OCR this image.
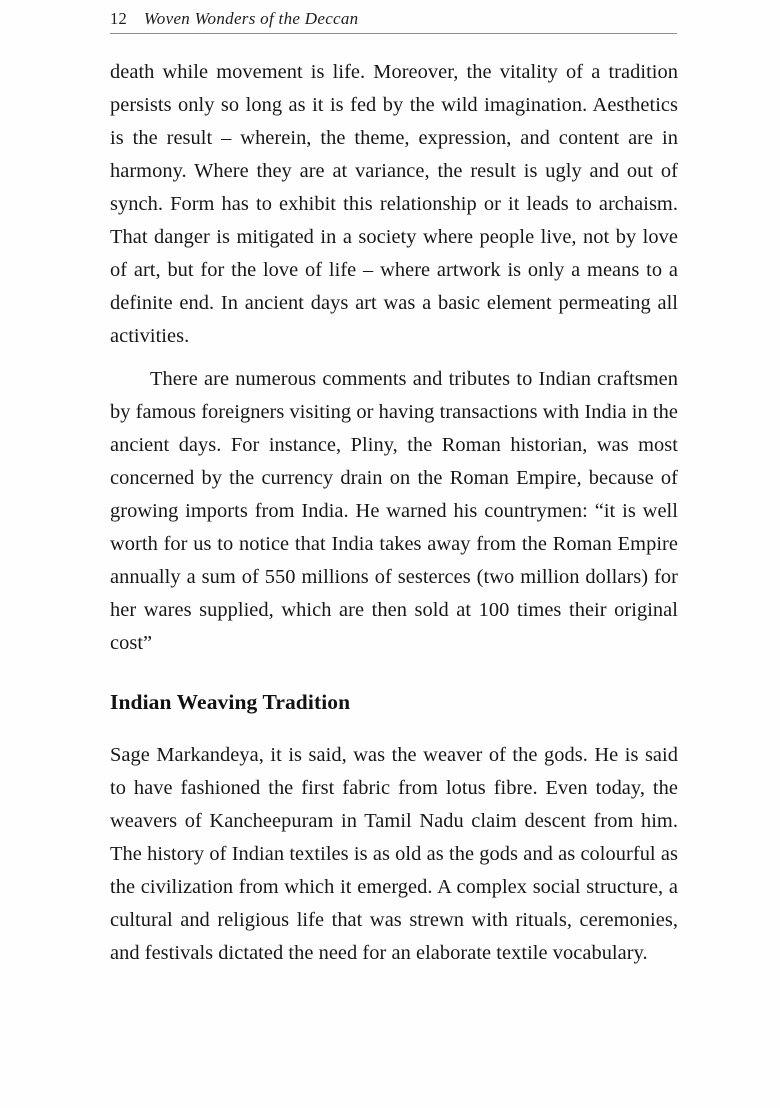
12 Woven Wonders of the Deccan

death while movement is life. Moreover, the vitality of a tradition persists only so long as it is fed by the wild imagination. Aesthetics is the result – wherein, the theme, expression, and content are in harmony. Where they are at variance, the result is ugly and out of synch. Form has to exhibit this relationship or it leads to archaism. That danger is mitigated in a society where people live, not by love of art, but for the love of life – where artwork is only a means to a definite end. In ancient days art was a basic element permeating all activities.

There are numerous comments and tributes to Indian craftsmen by famous foreigners visiting or having transactions with India in the ancient days. For instance, Pliny, the Roman historian, was most concerned by the currency drain on the Roman Empire, because of growing imports from India. He warned his countrymen: “it is well worth for us to notice that India takes away from the Roman Empire annually a sum of 550 millions of sesterces (two million dollars) for her wares supplied, which are then sold at 100 times their original cost”

Indian Weaving Tradition

Sage Markandeya, it is said, was the weaver of the gods. He is said to have fashioned the first fabric from lotus fibre. Even today, the weavers of Kancheepuram in Tamil Nadu claim descent from him. The history of Indian textiles is as old as the gods and as colourful as the civilization from which it emerged. A complex social structure, a cultural and religious life that was strewn with rituals, ceremonies, and festivals dictated the need for an elaborate textile vocabulary.
